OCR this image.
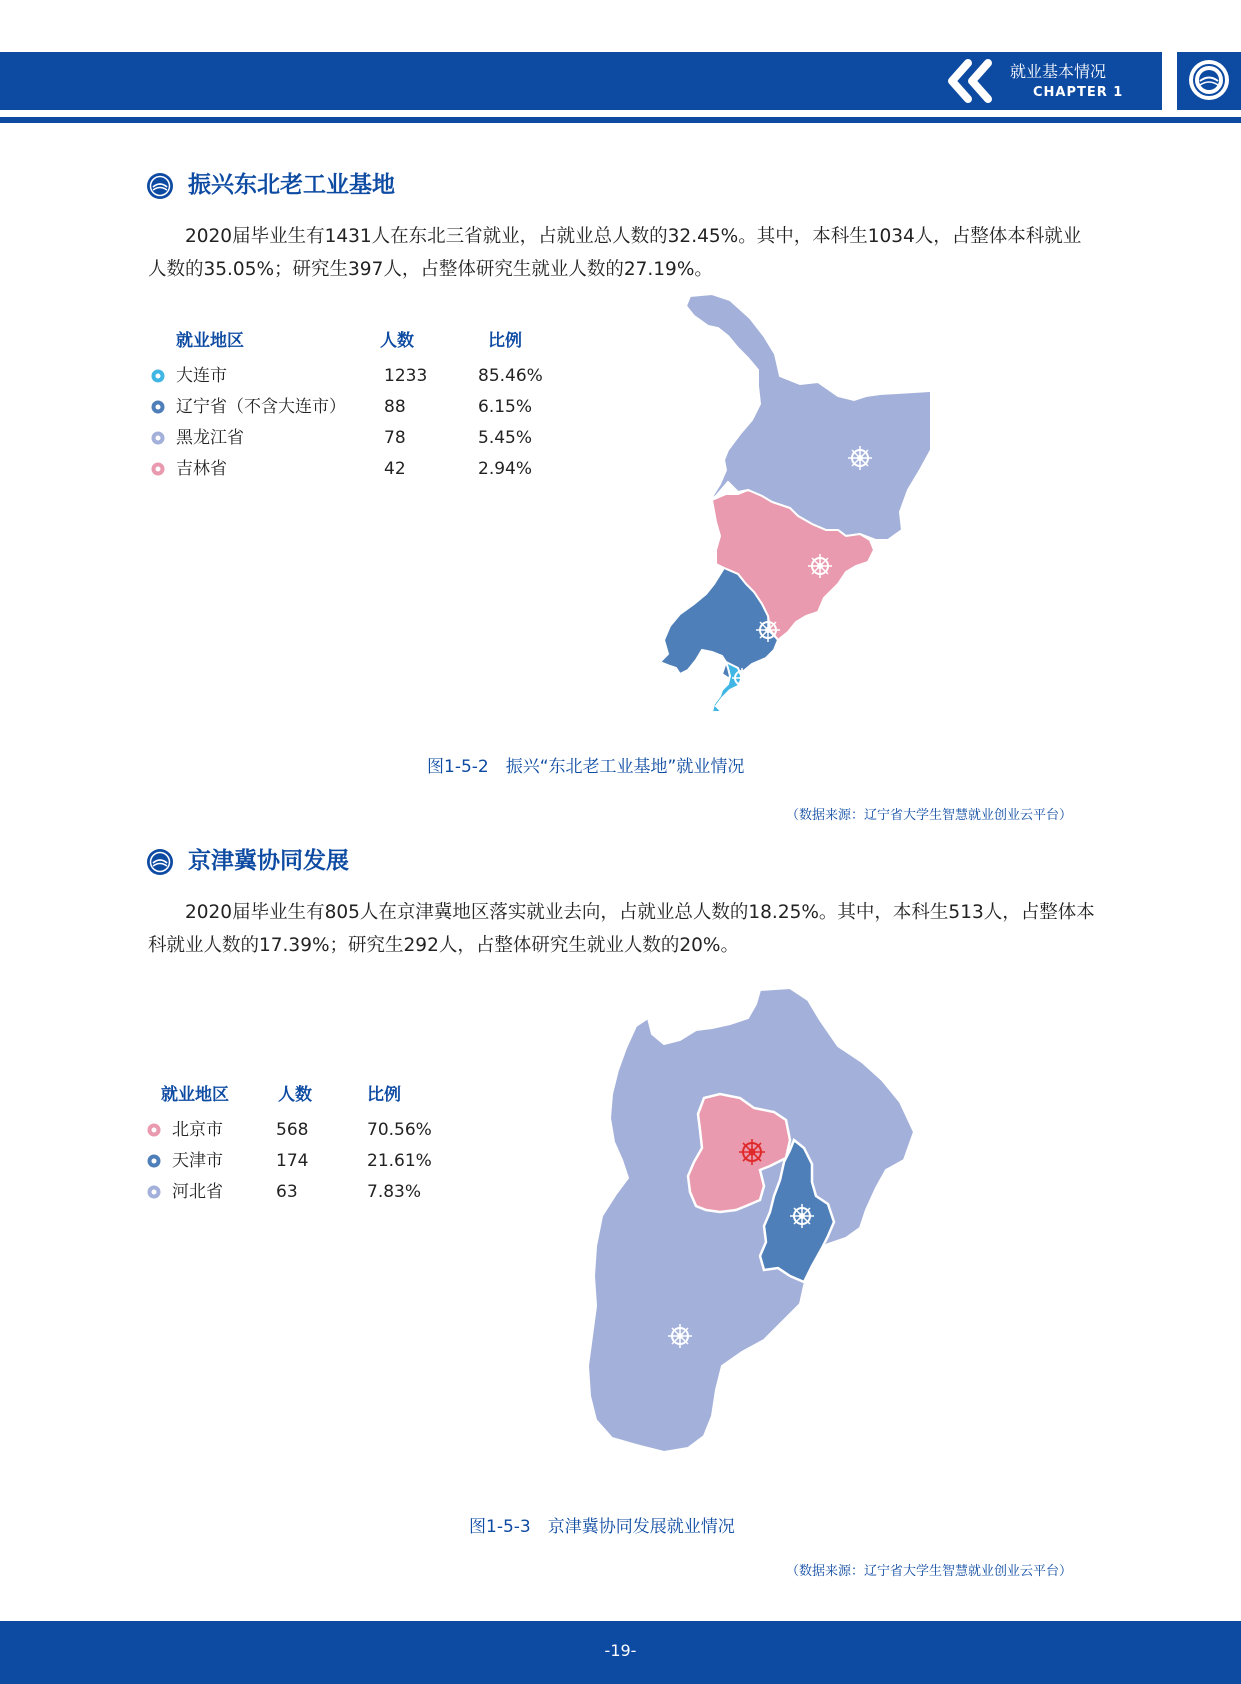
就业基本情况
CHAPTER 1
振兴东北老工业基地

2020届毕业生有1431人在东北三省就业，占就业总人数的32.45%。其中，本科生1034人，占整体本科就业人数的35.05%；研究生397人，占整体研究生就业人数的27.19%。

就业地区	人数	比例
大连市	1233	85.46%
辽宁省（不含大连市） 88	6.15%
黑龙江省	78	5.45%
吉林省	42	2.94%
图1-5-2　振兴“东北老工业基地”就业情况
（数据来源：辽宁省大学生智慧就业创业云平台）
京津冀协同发展

2020届毕业生有805人在京津冀地区落实就业去向，占就业总人数的18.25%。其中，本科生513人，占整体本科就业人数的17.39%；研究生292人，占整体研究生就业人数的20%。

就业地区	人数	比例
北京市	568	70.56%
天津市	174	21.61%
河北省	63	7.83%
图1-5-3　京津冀协同发展就业情况
（数据来源：辽宁省大学生智慧就业创业云平台）
-19-
